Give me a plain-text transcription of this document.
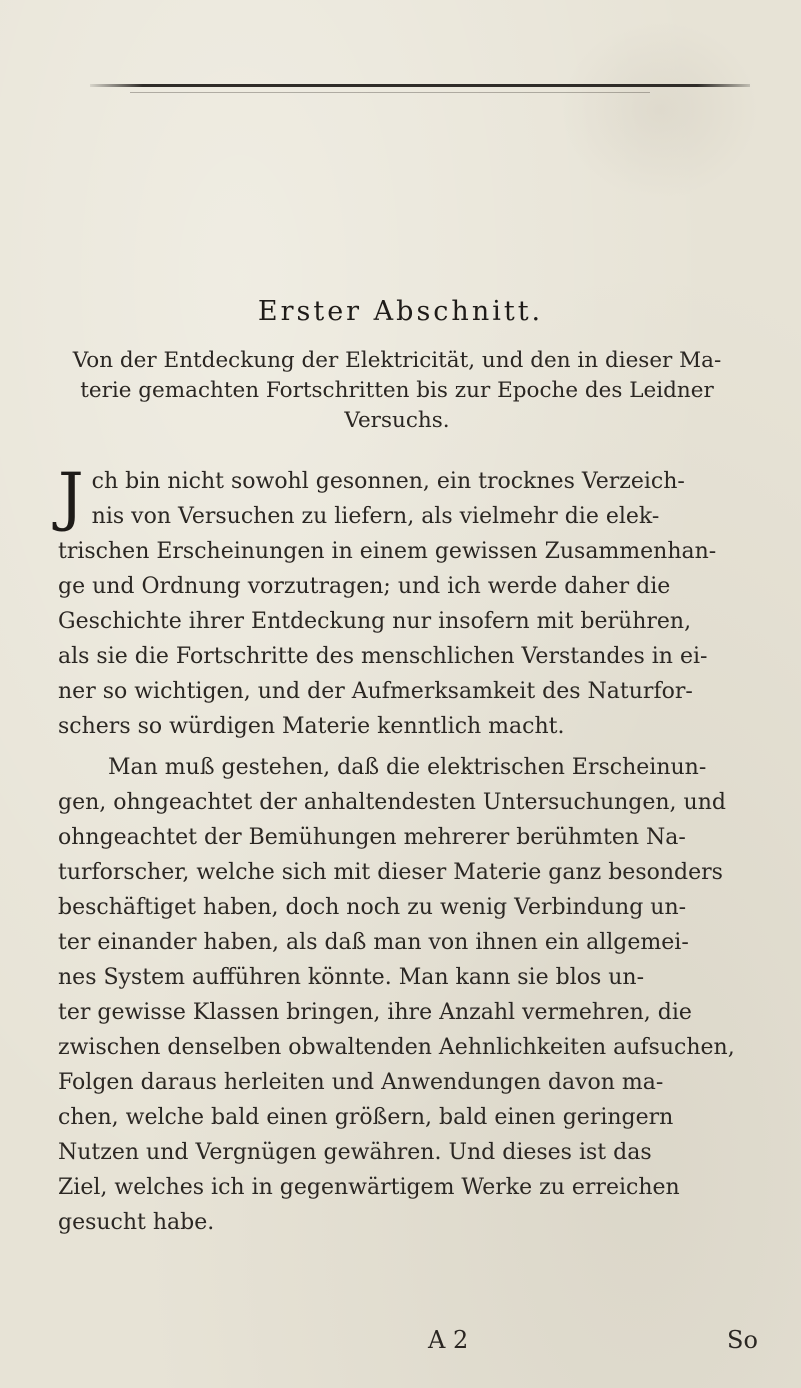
Erster Abschnitt.
Von der Entdeckung der Elektricität, und den in dieser Ma-
terie gemachten Fortschritten bis zur Epoche des Leidner
Versuchs.
J ch bin nicht sowohl gesonnen, ein trocknes Verzeich-
nis von Versuchen zu liefern, als vielmehr die elek-
trischen Erscheinungen in einem gewissen Zusammenhan-
ge und Ordnung vorzutragen; und ich werde daher die
Geschichte ihrer Entdeckung nur insofern mit berühren,
als sie die Fortschritte des menschlichen Verstandes in ei-
ner so wichtigen, und der Aufmerksamkeit des Naturfor-
schers so würdigen Materie kenntlich macht.
Man muß gestehen, daß die elektrischen Erscheinun-
gen, ohngeachtet der anhaltendesten Untersuchungen, und
ohngeachtet der Bemühungen mehrerer berühmten Na-
turforscher, welche sich mit dieser Materie ganz besonders
beschäftiget haben, doch noch zu wenig Verbindung un-
ter einander haben, als daß man von ihnen ein allgemei-
nes System aufführen könnte. Man kann sie blos un-
ter gewisse Klassen bringen, ihre Anzahl vermehren, die
zwischen denselben obwaltenden Aehnlichkeiten aufsuchen,
Folgen daraus herleiten und Anwendungen davon ma-
chen, welche bald einen größern, bald einen geringern
Nutzen und Vergnügen gewähren. Und dieses ist das
Ziel, welches ich in gegenwärtigem Werke zu erreichen
gesucht habe.
A 2	So
